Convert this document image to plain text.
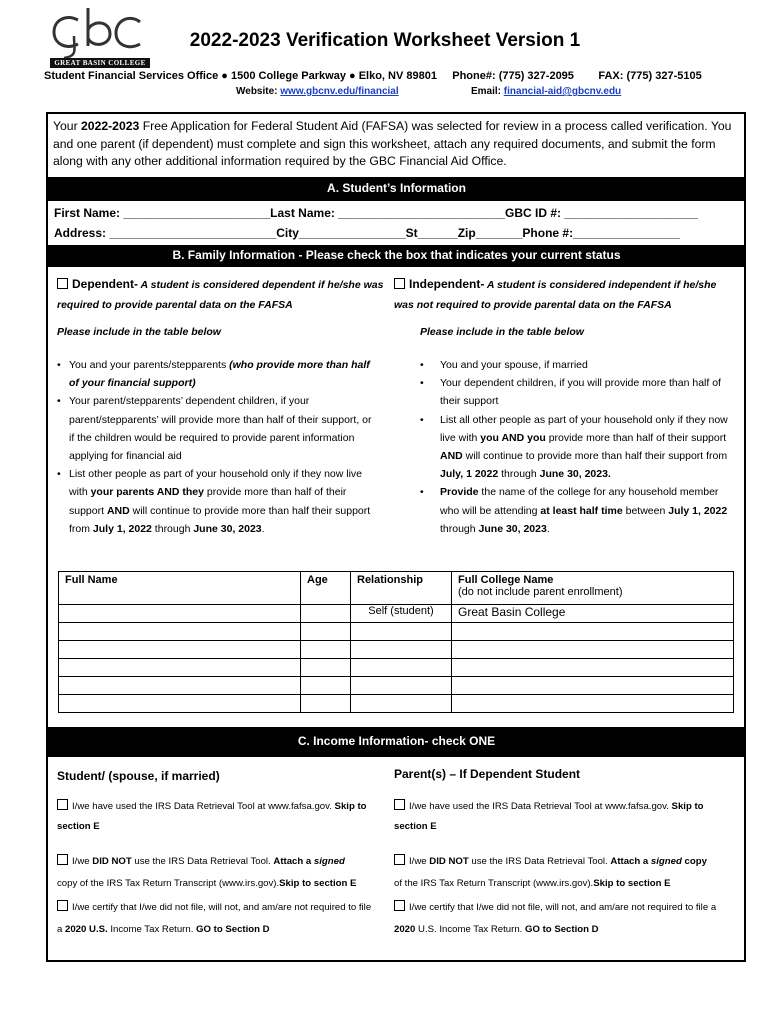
GREAT BASIN COLLEGE
2022-2023 Verification Worksheet Version 1
Student Financial Services Office ● 1500 College Parkway ● Elko, NV 89801 Phone#: (775) 327-2095 FAX: (775) 327-5105
Website: www.gbcnv.edu/financial	Email: financial-aid@gbcnv.edu
Your 2022-2023 Free Application for Federal Student Aid (FAFSA) was selected for review in a process called verification. You and one parent (if dependent) must complete and sign this worksheet, attach any required documents, and submit the form along with any other additional information required by the GBC Financial Aid Office.
A. Student’s Information
First Name: ______________________Last Name: _________________________GBC ID #: ____________________
Address: _________________________City________________St______Zip_______Phone #:________________
B. Family Information - Please check the box that indicates your current status
Dependent- A student is considered dependent if he/she was required to provide parental data on the FAFSA
Please include in the table below
• You and your parents/stepparents (who provide more than half of your financial support)
• Your parent/stepparents’ dependent children, if your parent/stepparents’ will provide more than half of their support, or if the children would be required to provide parent information applying for financial aid
• List other people as part of your household only if they now live with your parents AND they provide more than half of their support AND will continue to provide more than half their support from July 1, 2022 through June 30, 2023.
Independent- A student is considered independent if he/she was not required to provide parental data on the FAFSA
Please include in the table below
• You and your spouse, if married
• Your dependent children, if you will provide more than half of their support
• List all other people as part of your household only if they now live with you AND you provide more than half of their support AND will continue to provide more than half their support from July, 1 2022 through June 30, 2023.
• Provide the name of the college for any household member who will be attending at least half time between July 1, 2022 through June 30, 2023.
Full Name	Age	Relationship	Full College Name
(do not include parent enrollment)

		Self (student)	Great Basin College

C. Income Information- check ONE
Student/ (spouse, if married)
I/we have used the IRS Data Retrieval Tool at www.fafsa.gov. Skip to section E
I/we DID NOT use the IRS Data Retrieval Tool. Attach a signed
copy of the IRS Tax Return Transcript (www.irs.gov).Skip to section E
I/we certify that I/we did not file, will not, and am/are not required to file a 2020 U.S. Income Tax Return. GO to Section D
Parent(s) – If Dependent Student
I/we have used the IRS Data Retrieval Tool at www.fafsa.gov. Skip to section E
I/we DID NOT use the IRS Data Retrieval Tool. Attach a signed copy
of the IRS Tax Return Transcript (www.irs.gov).Skip to section E
I/we certify that I/we did not file, will not, and am/are not required to file a 2020 U.S. Income Tax Return. GO to Section D
